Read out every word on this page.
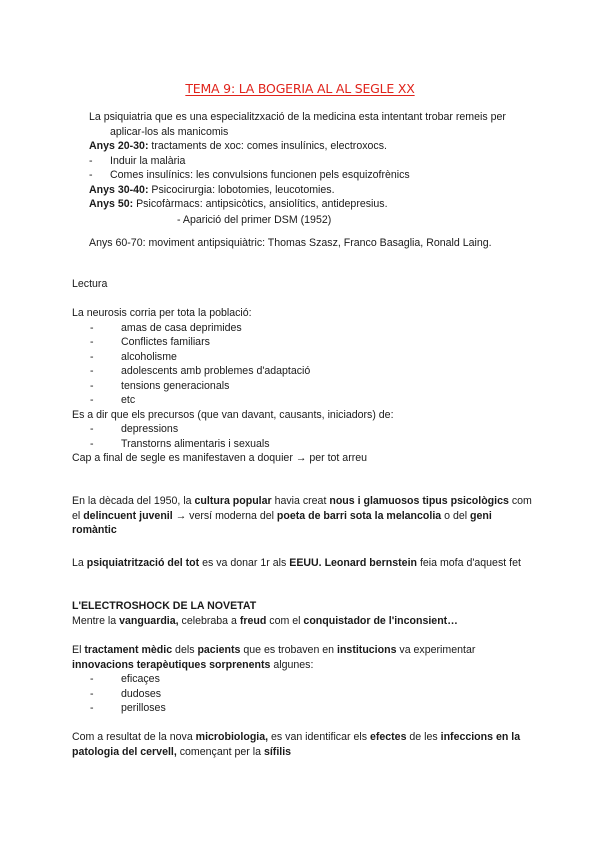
TEMA 9: LA BOGERIA AL AL SEGLE XX
La psiquiatria que es una especialitzxació de la medicina esta intentant trobar remeis per
aplicar-los als manicomis
Anys 20-30: tractaments de xoc: comes insulínics, electroxocs.
-	Induir la malària
-	Comes insulínics: les convulsions funcionen pels esquizofrènics
Anys 30-40: Psicocirurgia: lobotomies, leucotomies.
Anys 50: Psicofàrmacs: antipsicòtics, ansiolítics, antidepresius.
- Aparició del primer DSM (1952)
Anys 60-70: moviment antipsiquiàtric: Thomas Szasz, Franco Basaglia, Ronald Laing.
Lectura
La neurosis corria per tota la població:
-	amas de casa deprimides
-	Conflictes familiars
-	alcoholisme
-	adolescents amb problemes d'adaptació
-	tensions generacionals
-	etc
Es a dir que els precursos (que van davant, causants, iniciadors) de:
-	depressions
-	Transtorns alimentaris i sexuals
Cap a final de segle es manifestaven a doquier → per tot arreu
En la dècada del 1950, la cultura popular havia creat nous i glamuosos tipus psicològics com el delincuent juvenil → versí moderna del poeta de barri sota la melancolia o del geni romàntic
La psiquiatrització del tot es va donar 1r als EEUU. Leonard bernstein feia mofa d'aquest fet
L'ELECTROSHOCK DE LA NOVETAT
Mentre la vanguardia, celebraba a freud com el conquistador de l'inconsient…
El tractament mèdic dels pacients que es trobaven en institucions va experimentar innovacions terapèutiques sorprenents algunes:
-	eficaçes
-	dudoses
-	perilloses
Com a resultat de la nova microbiologia, es van identificar els efectes de les infeccions en la patologia del cervell, començant per la sífilis
